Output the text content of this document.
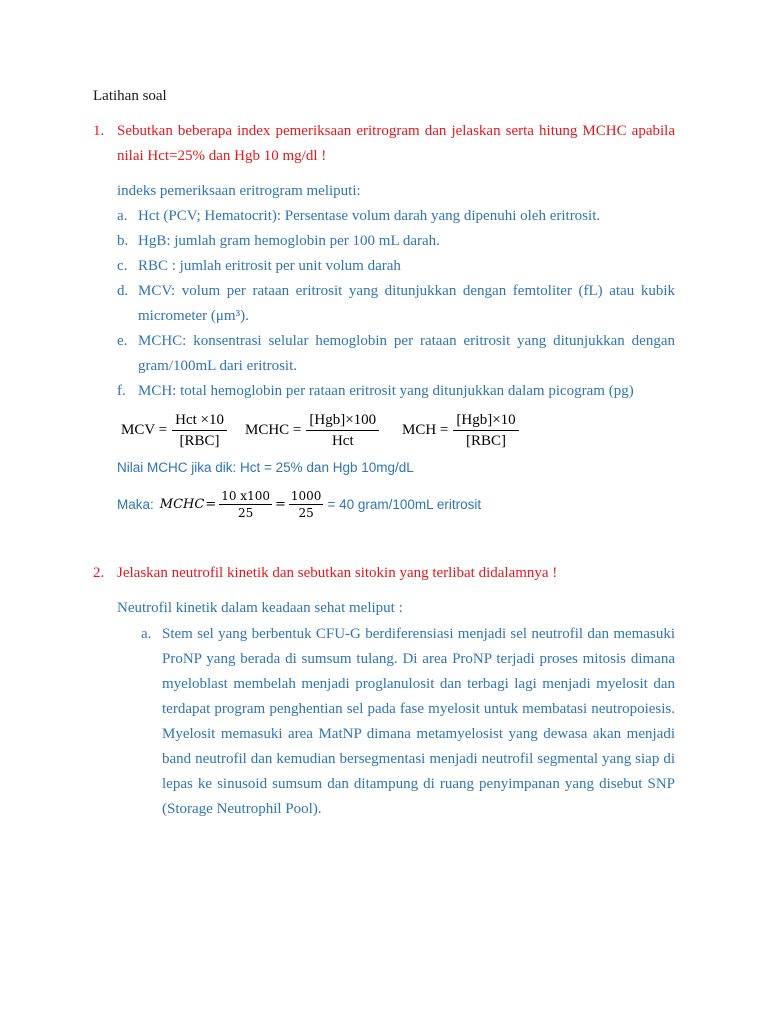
Latihan soal
1. Sebutkan beberapa index pemeriksaan eritrogram dan jelaskan serta hitung MCHC apabila nilai Hct=25% dan Hgb 10 mg/dl !
indeks pemeriksaan eritrogram meliputi:
a. Hct (PCV; Hematocrit): Persentase volum darah yang dipenuhi oleh eritrosit.
b. HgB: jumlah gram hemoglobin per 100 mL darah.
c. RBC : jumlah eritrosit per unit volum darah
d. MCV: volum per rataan eritrosit yang ditunjukkan dengan femtoliter (fL) atau kubik micrometer (μm³).
e. MCHC: konsentrasi selular hemoglobin per rataan eritrosit yang ditunjukkan dengan gram/100mL dari eritrosit.
f. MCH: total hemoglobin per rataan eritrosit yang ditunjukkan dalam picogram (pg)
MCV = $\frac{\text{Hct ×10}}{\text{[RBC]}}$ MCHC = $\frac{\text{[Hgb]×100}}{\text{Hct}}$ MCH = $\frac{\text{[Hgb]×10}}{\text{[RBC]}}$
Nilai MCHC jika dik: Hct = 25% dan Hgb 10mg/dL
Maka: MCHC = $\frac{10 x100}{25} = \frac{1000}{25} = 40$ gram/100mL eritrosit
2. Jelaskan neutrofil kinetik dan sebutkan sitokin yang terlibat didalamnya !
Neutrofil kinetik dalam keadaan sehat meliput :
a. Stem sel yang berbentuk CFU-G berdiferensiasi menjadi sel neutrofil dan memasuki ProNP yang berada di sumsum tulang. Di area ProNP terjadi proses mitosis dimana myeloblast membelah menjadi proglanulosit dan terbagi lagi menjadi myelosit dan terdapat program penghentian sel pada fase myelosit untuk membatasi neutropoiesis. Myelosit memasuki area MatNP dimana metamyelosist yang dewasa akan menjadi band neutrofil dan kemudian bersegmentasi menjadi neutrofil segmental yang siap di lepas ke sinusoid sumsum dan ditampung di ruang penyimpanan yang disebut SNP (Storage Neutrophil Pool).
